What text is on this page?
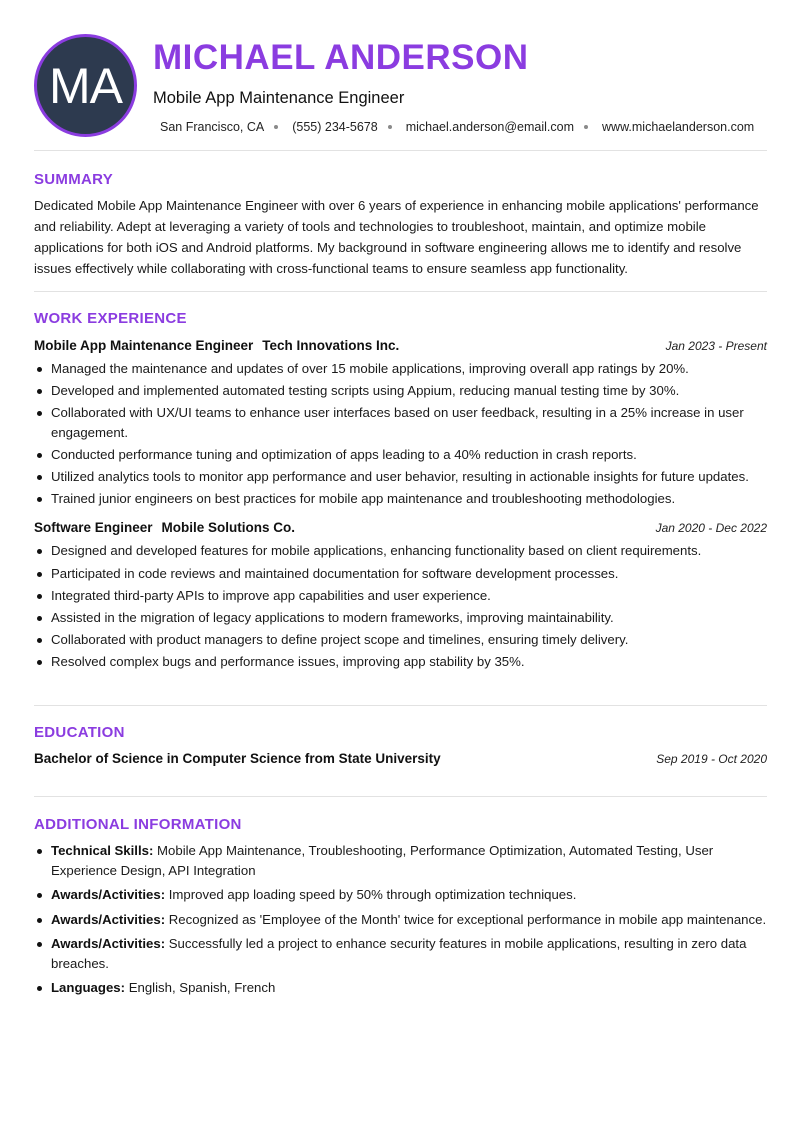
MA MICHAEL ANDERSON
Mobile App Maintenance Engineer
San Francisco, CA (555) 234-5678 michael.anderson@email.com www.michaelanderson.com
SUMMARY

Dedicated Mobile App Maintenance Engineer with over 6 years of experience in enhancing mobile applications' performance and reliability. Adept at leveraging a variety of tools and technologies to troubleshoot, maintain, and optimize mobile applications for both iOS and Android platforms. My background in software engineering allows me to identify and resolve issues effectively while collaborating with cross-functional teams to ensure seamless app functionality.

WORK EXPERIENCE
Mobile App Maintenance Engineer Tech Innovations Inc.	Jan 2023 - Present
Managed the maintenance and updates of over 15 mobile applications, improving overall app ratings by 20%.
Developed and implemented automated testing scripts using Appium, reducing manual testing time by 30%.
Collaborated with UX/UI teams to enhance user interfaces based on user feedback, resulting in a 25% increase in user engagement.
Conducted performance tuning and optimization of apps leading to a 40% reduction in crash reports.
Utilized analytics tools to monitor app performance and user behavior, resulting in actionable insights for future updates.
Trained junior engineers on best practices for mobile app maintenance and troubleshooting methodologies.
Software Engineer Mobile Solutions Co.	Jan 2020 - Dec 2022
Designed and developed features for mobile applications, enhancing functionality based on client requirements.
Participated in code reviews and maintained documentation for software development processes.
Integrated third-party APIs to improve app capabilities and user experience.
Assisted in the migration of legacy applications to modern frameworks, improving maintainability.
Collaborated with product managers to define project scope and timelines, ensuring timely delivery.
Resolved complex bugs and performance issues, improving app stability by 35%.
EDUCATION
Bachelor of Science in Computer Science from State University	Sep 2019 - Oct 2020
ADDITIONAL INFORMATION
Technical Skills: Mobile App Maintenance, Troubleshooting, Performance Optimization, Automated Testing, User Experience Design, API Integration
Awards/Activities: Improved app loading speed by 50% through optimization techniques.
Awards/Activities: Recognized as 'Employee of the Month' twice for exceptional performance in mobile app maintenance.
Awards/Activities: Successfully led a project to enhance security features in mobile applications, resulting in zero data breaches.
Languages: English, Spanish, French
